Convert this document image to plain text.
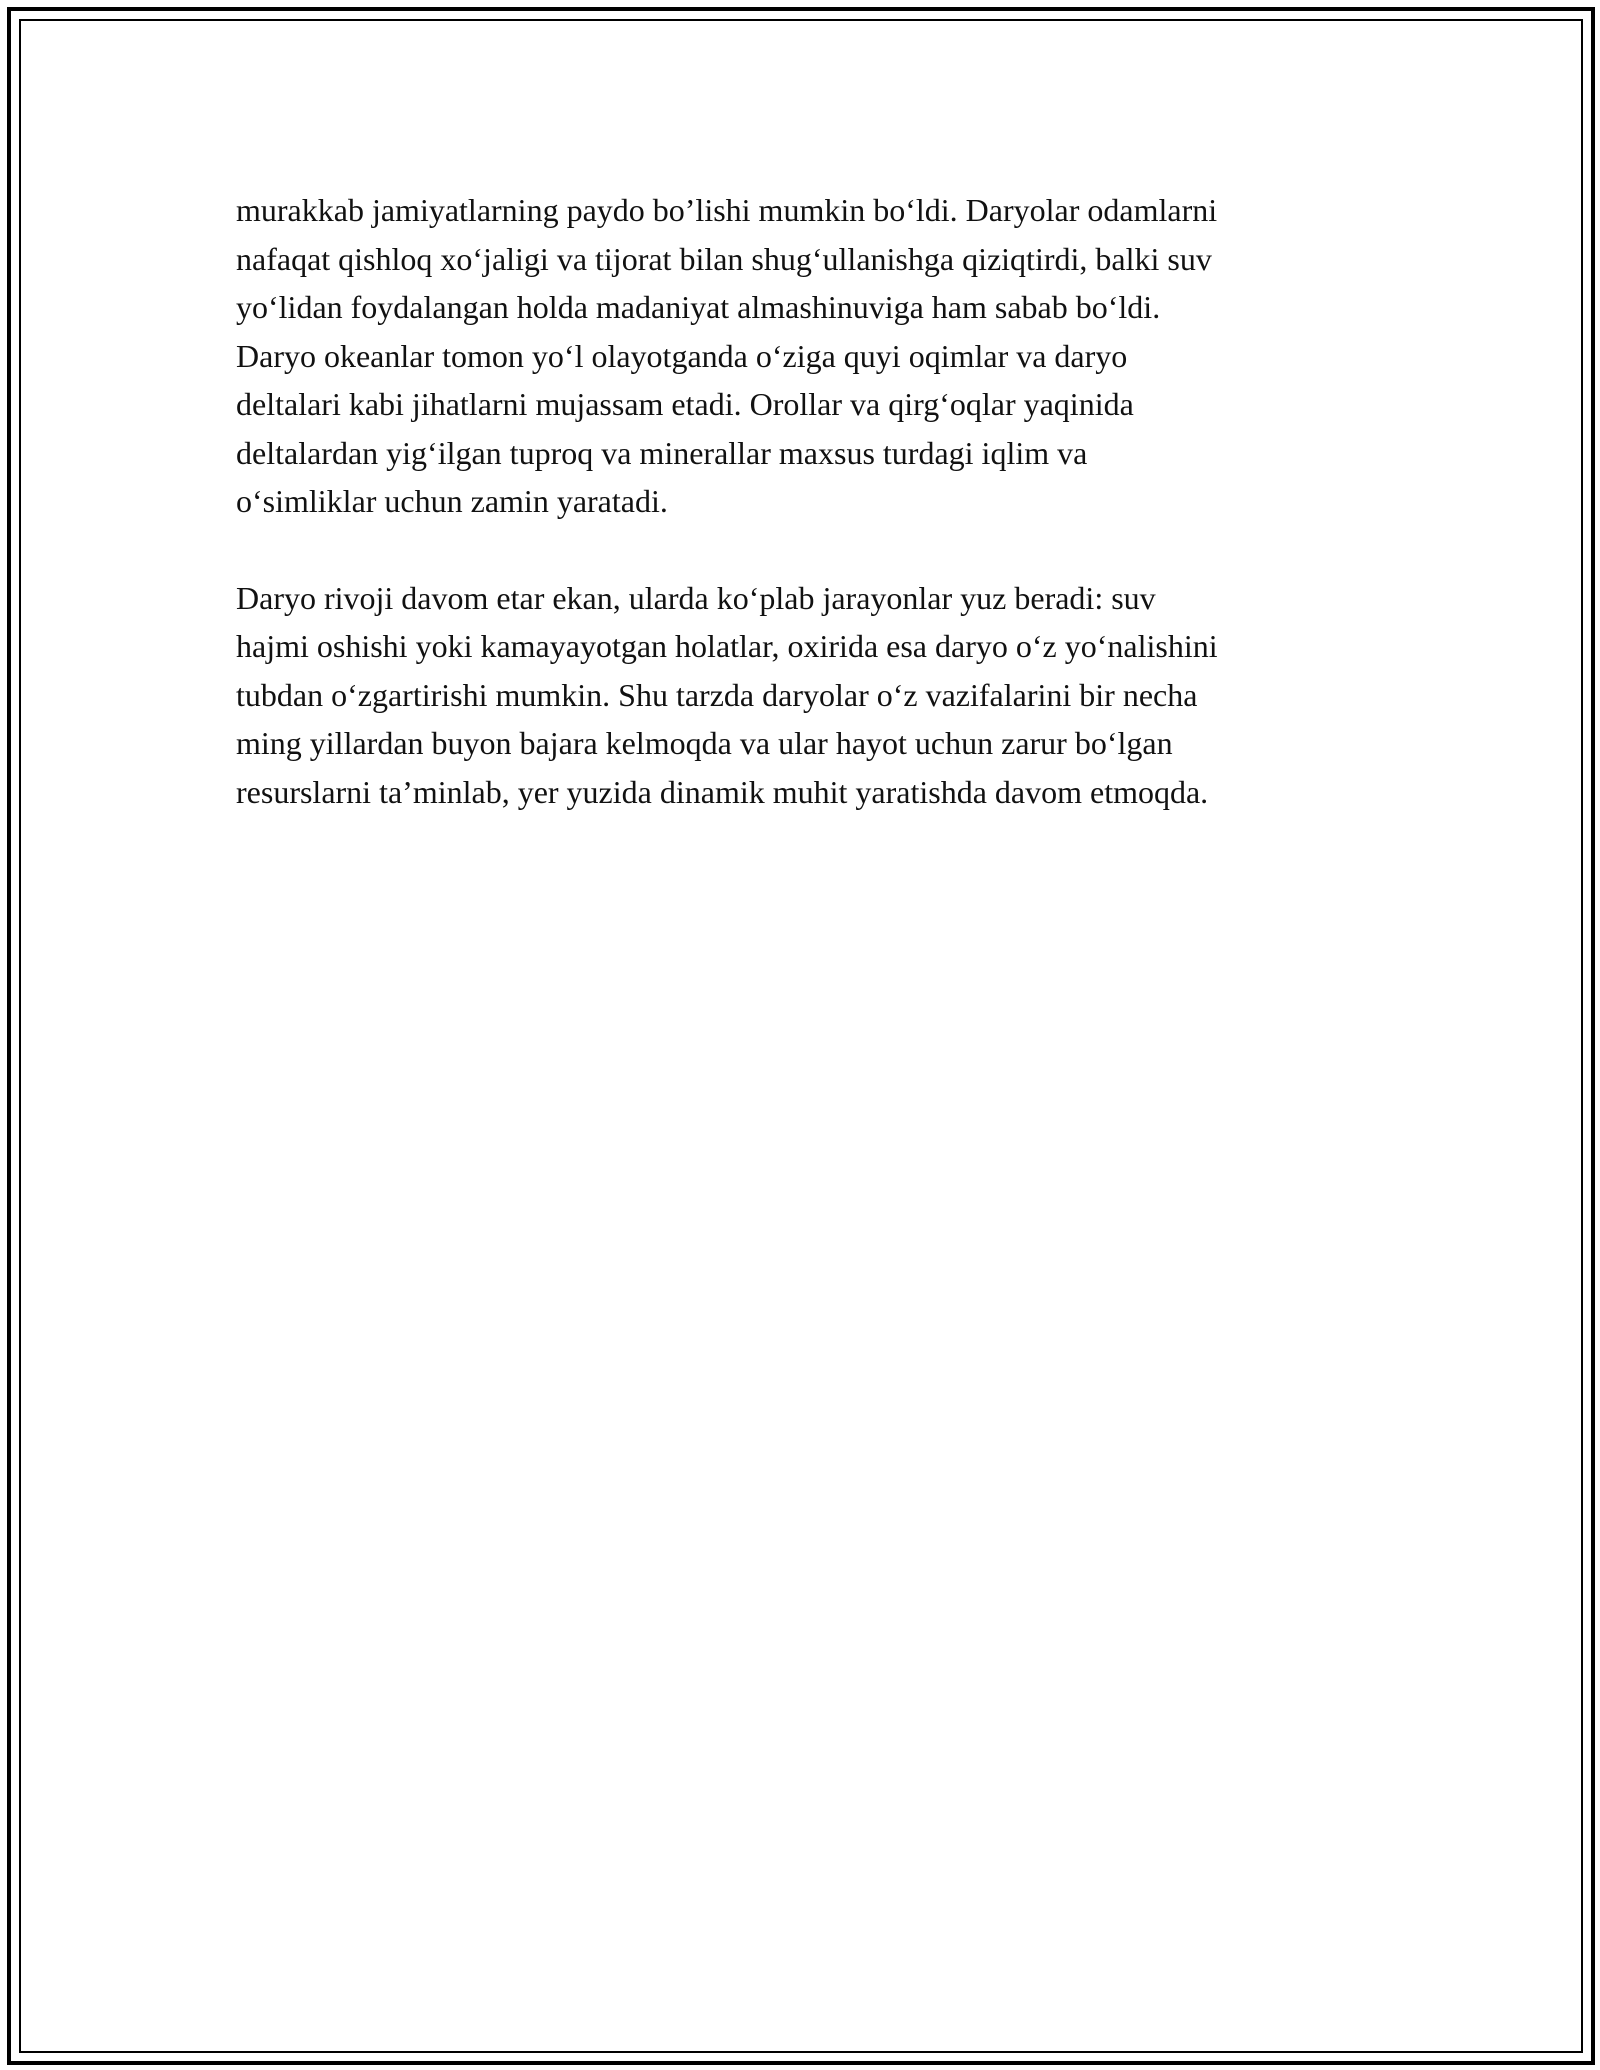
murakkab jamiyatlarning paydo bo’lishi mumkin bo‘ldi. Daryolar odamlarni
nafaqat qishloq xo‘jaligi va tijorat bilan shug‘ullanishga qiziqtirdi, balki suv
yo‘lidan foydalangan holda madaniyat almashinuviga ham sabab bo‘ldi.
Daryo okeanlar tomon yo‘l olayotganda o‘ziga quyi oqimlar va daryo
deltalari kabi jihatlarni mujassam etadi. Orollar va qirg‘oqlar yaqinida
deltalardan yig‘ilgan tuproq va minerallar maxsus turdagi iqlim va
o‘simliklar uchun zamin yaratadi.

Daryo rivoji davom etar ekan, ularda ko‘plab jarayonlar yuz beradi: suv
hajmi oshishi yoki kamayayotgan holatlar, oxirida esa daryo o‘z yo‘nalishini
tubdan o‘zgartirishi mumkin. Shu tarzda daryolar o‘z vazifalarini bir necha
ming yillardan buyon bajara kelmoqda va ular hayot uchun zarur bo‘lgan
resurslarni ta’minlab, yer yuzida dinamik muhit yaratishda davom etmoqda.
